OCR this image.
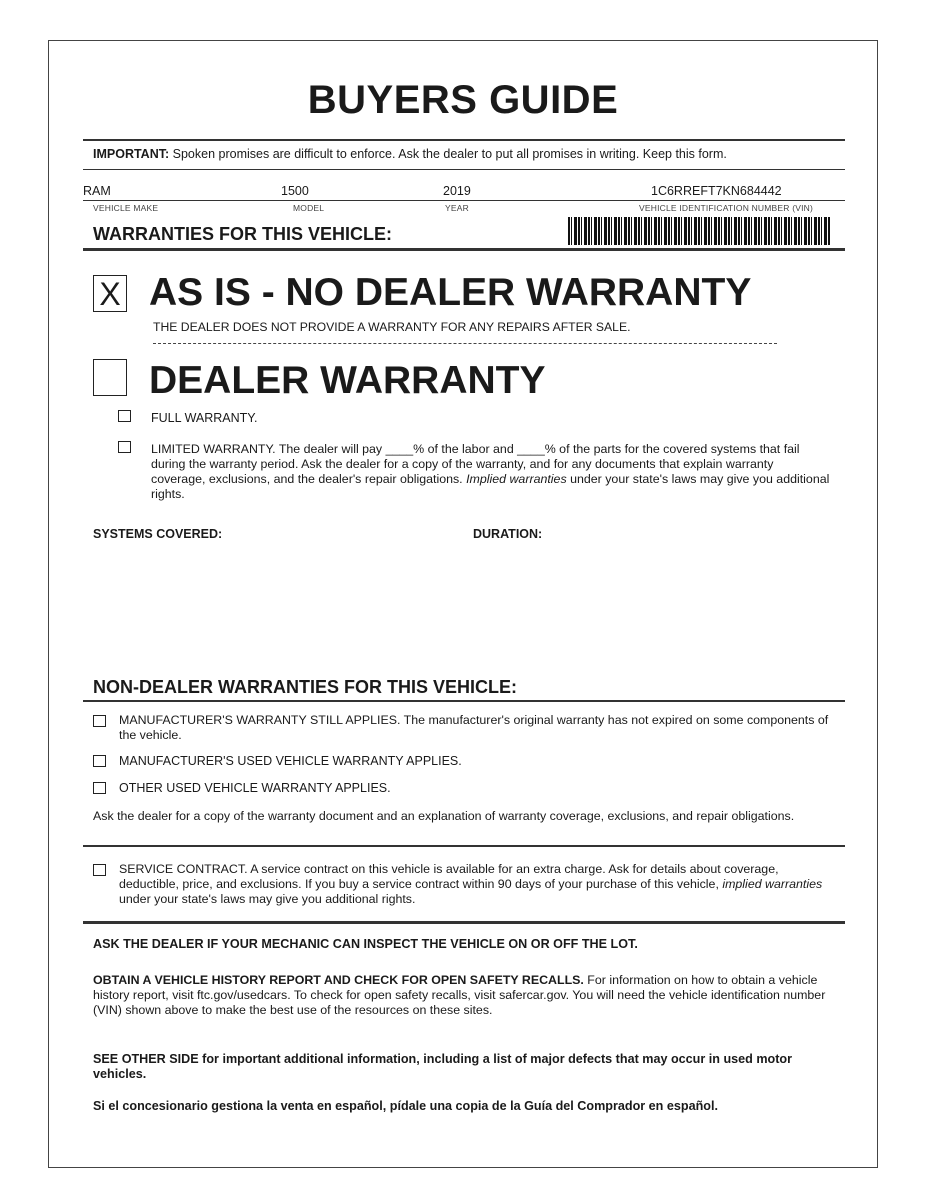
BUYERS GUIDE
IMPORTANT: Spoken promises are difficult to enforce. Ask the dealer to put all promises in writing. Keep this form.
RAM	1500	2019	1C6RREFT7KN684442
VEHICLE MAKE	MODEL	YEAR	VEHICLE IDENTIFICATION NUMBER (VIN)
WARRANTIES FOR THIS VEHICLE:
X AS IS - NO DEALER WARRANTY
THE DEALER DOES NOT PROVIDE A WARRANTY FOR ANY REPAIRS AFTER SALE.
DEALER WARRANTY
FULL WARRANTY.
LIMITED WARRANTY. The dealer will pay ____% of the labor and ____% of the parts for the covered systems that fail during the warranty period. Ask the dealer for a copy of the warranty, and for any documents that explain warranty coverage, exclusions, and the dealer's repair obligations. Implied warranties under your state's laws may give you additional rights.
SYSTEMS COVERED:	DURATION:
NON-DEALER WARRANTIES FOR THIS VEHICLE:
MANUFACTURER'S WARRANTY STILL APPLIES. The manufacturer's original warranty has not expired on some components of the vehicle.
MANUFACTURER'S USED VEHICLE WARRANTY APPLIES.
OTHER USED VEHICLE WARRANTY APPLIES.
Ask the dealer for a copy of the warranty document and an explanation of warranty coverage, exclusions, and repair obligations.
SERVICE CONTRACT. A service contract on this vehicle is available for an extra charge. Ask for details about coverage, deductible, price, and exclusions. If you buy a service contract within 90 days of your purchase of this vehicle, implied warranties under your state's laws may give you additional rights.
ASK THE DEALER IF YOUR MECHANIC CAN INSPECT THE VEHICLE ON OR OFF THE LOT.
OBTAIN A VEHICLE HISTORY REPORT AND CHECK FOR OPEN SAFETY RECALLS. For information on how to obtain a vehicle history report, visit ftc.gov/usedcars. To check for open safety recalls, visit safercar.gov. You will need the vehicle identification number (VIN) shown above to make the best use of the resources on these sites.
SEE OTHER SIDE for important additional information, including a list of major defects that may occur in used motor vehicles.
Si el concesionario gestiona la venta en español, pídale una copia de la Guía del Comprador en español.
